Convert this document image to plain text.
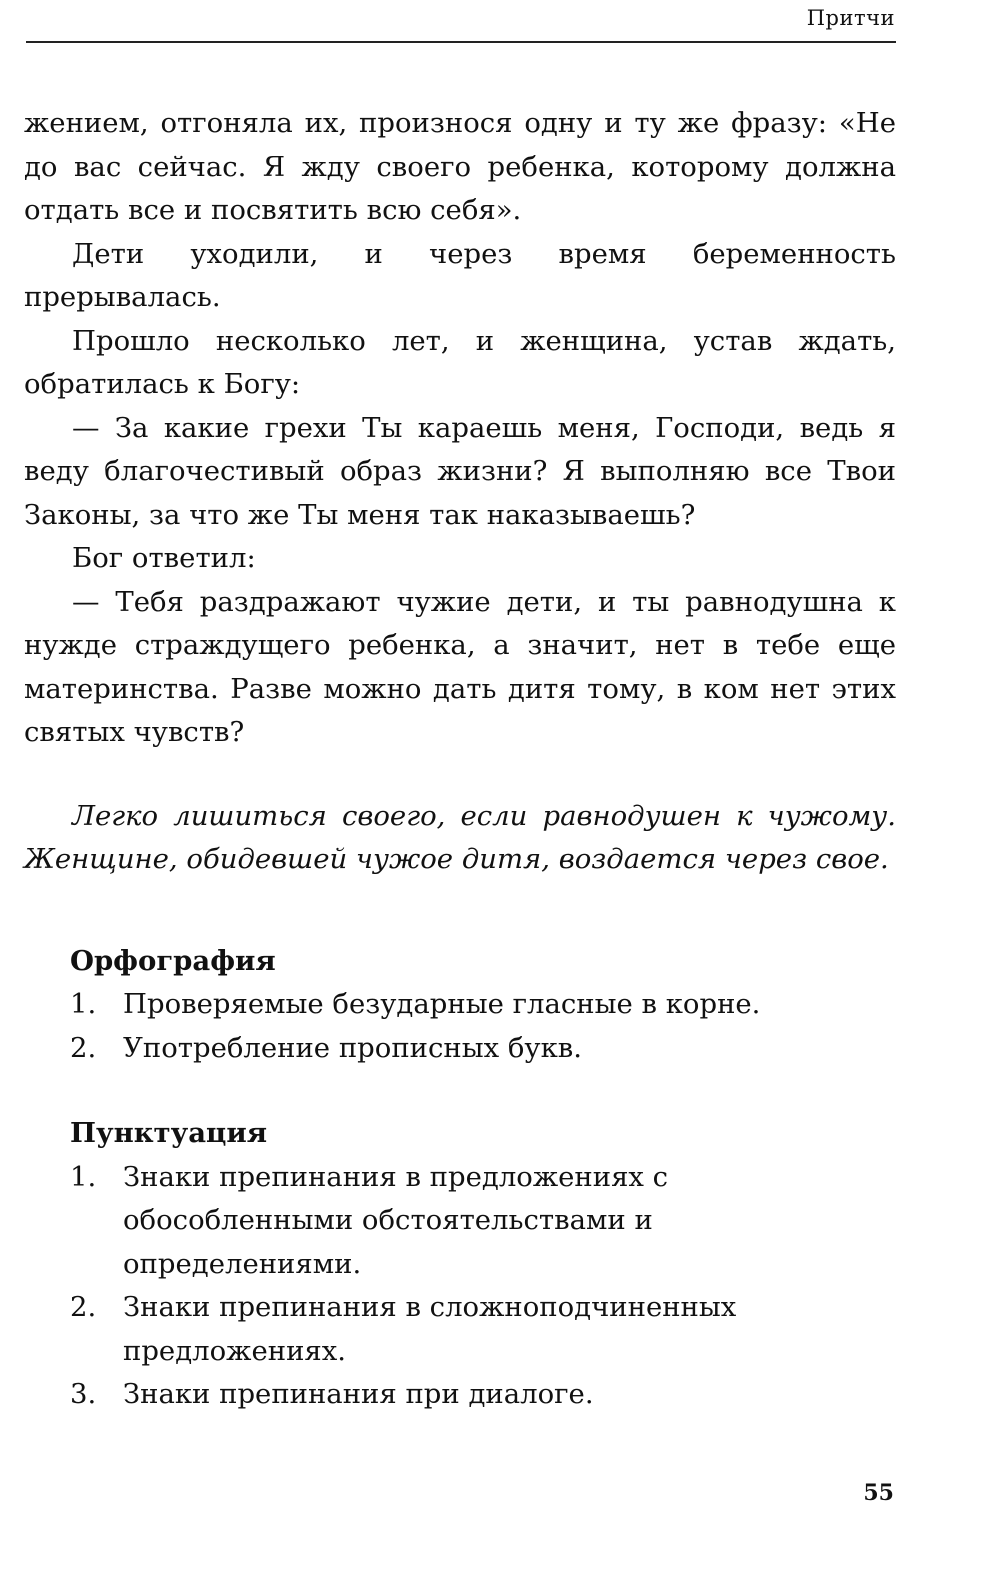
Притчи

жением, отгоняла их, произнося одну и ту же фразу: «Не до вас сейчас. Я жду своего ребенка, которому должна отдать все и посвятить всю себя».

Дети уходили, и через время беременность прерывалась.

Прошло несколько лет, и женщина, устав ждать, обратилась к Богу:

— За какие грехи Ты караешь меня, Господи, ведь я веду благочестивый образ жизни? Я выполняю все Твои Законы, за что же Ты меня так наказываешь?

Бог ответил:

— Тебя раздражают чужие дети, и ты равнодушна к нужде страждущего ребенка, а значит, нет в тебе еще материнства. Разве можно дать дитя тому, в ком нет этих святых чувств?

Легко лишиться своего, если равнодушен к чужому. Женщине, обидевшей чужое дитя, воздается через свое.

Орфография
1. Проверяемые безударные гласные в корне.
2. Употребление прописных букв.
Пунктуация
1. Знаки препинания в предложениях с обособленными обстоятельствами и определениями.
2. Знаки препинания в сложноподчиненных предложениях.
3. Знаки препинания при диалоге.
55
